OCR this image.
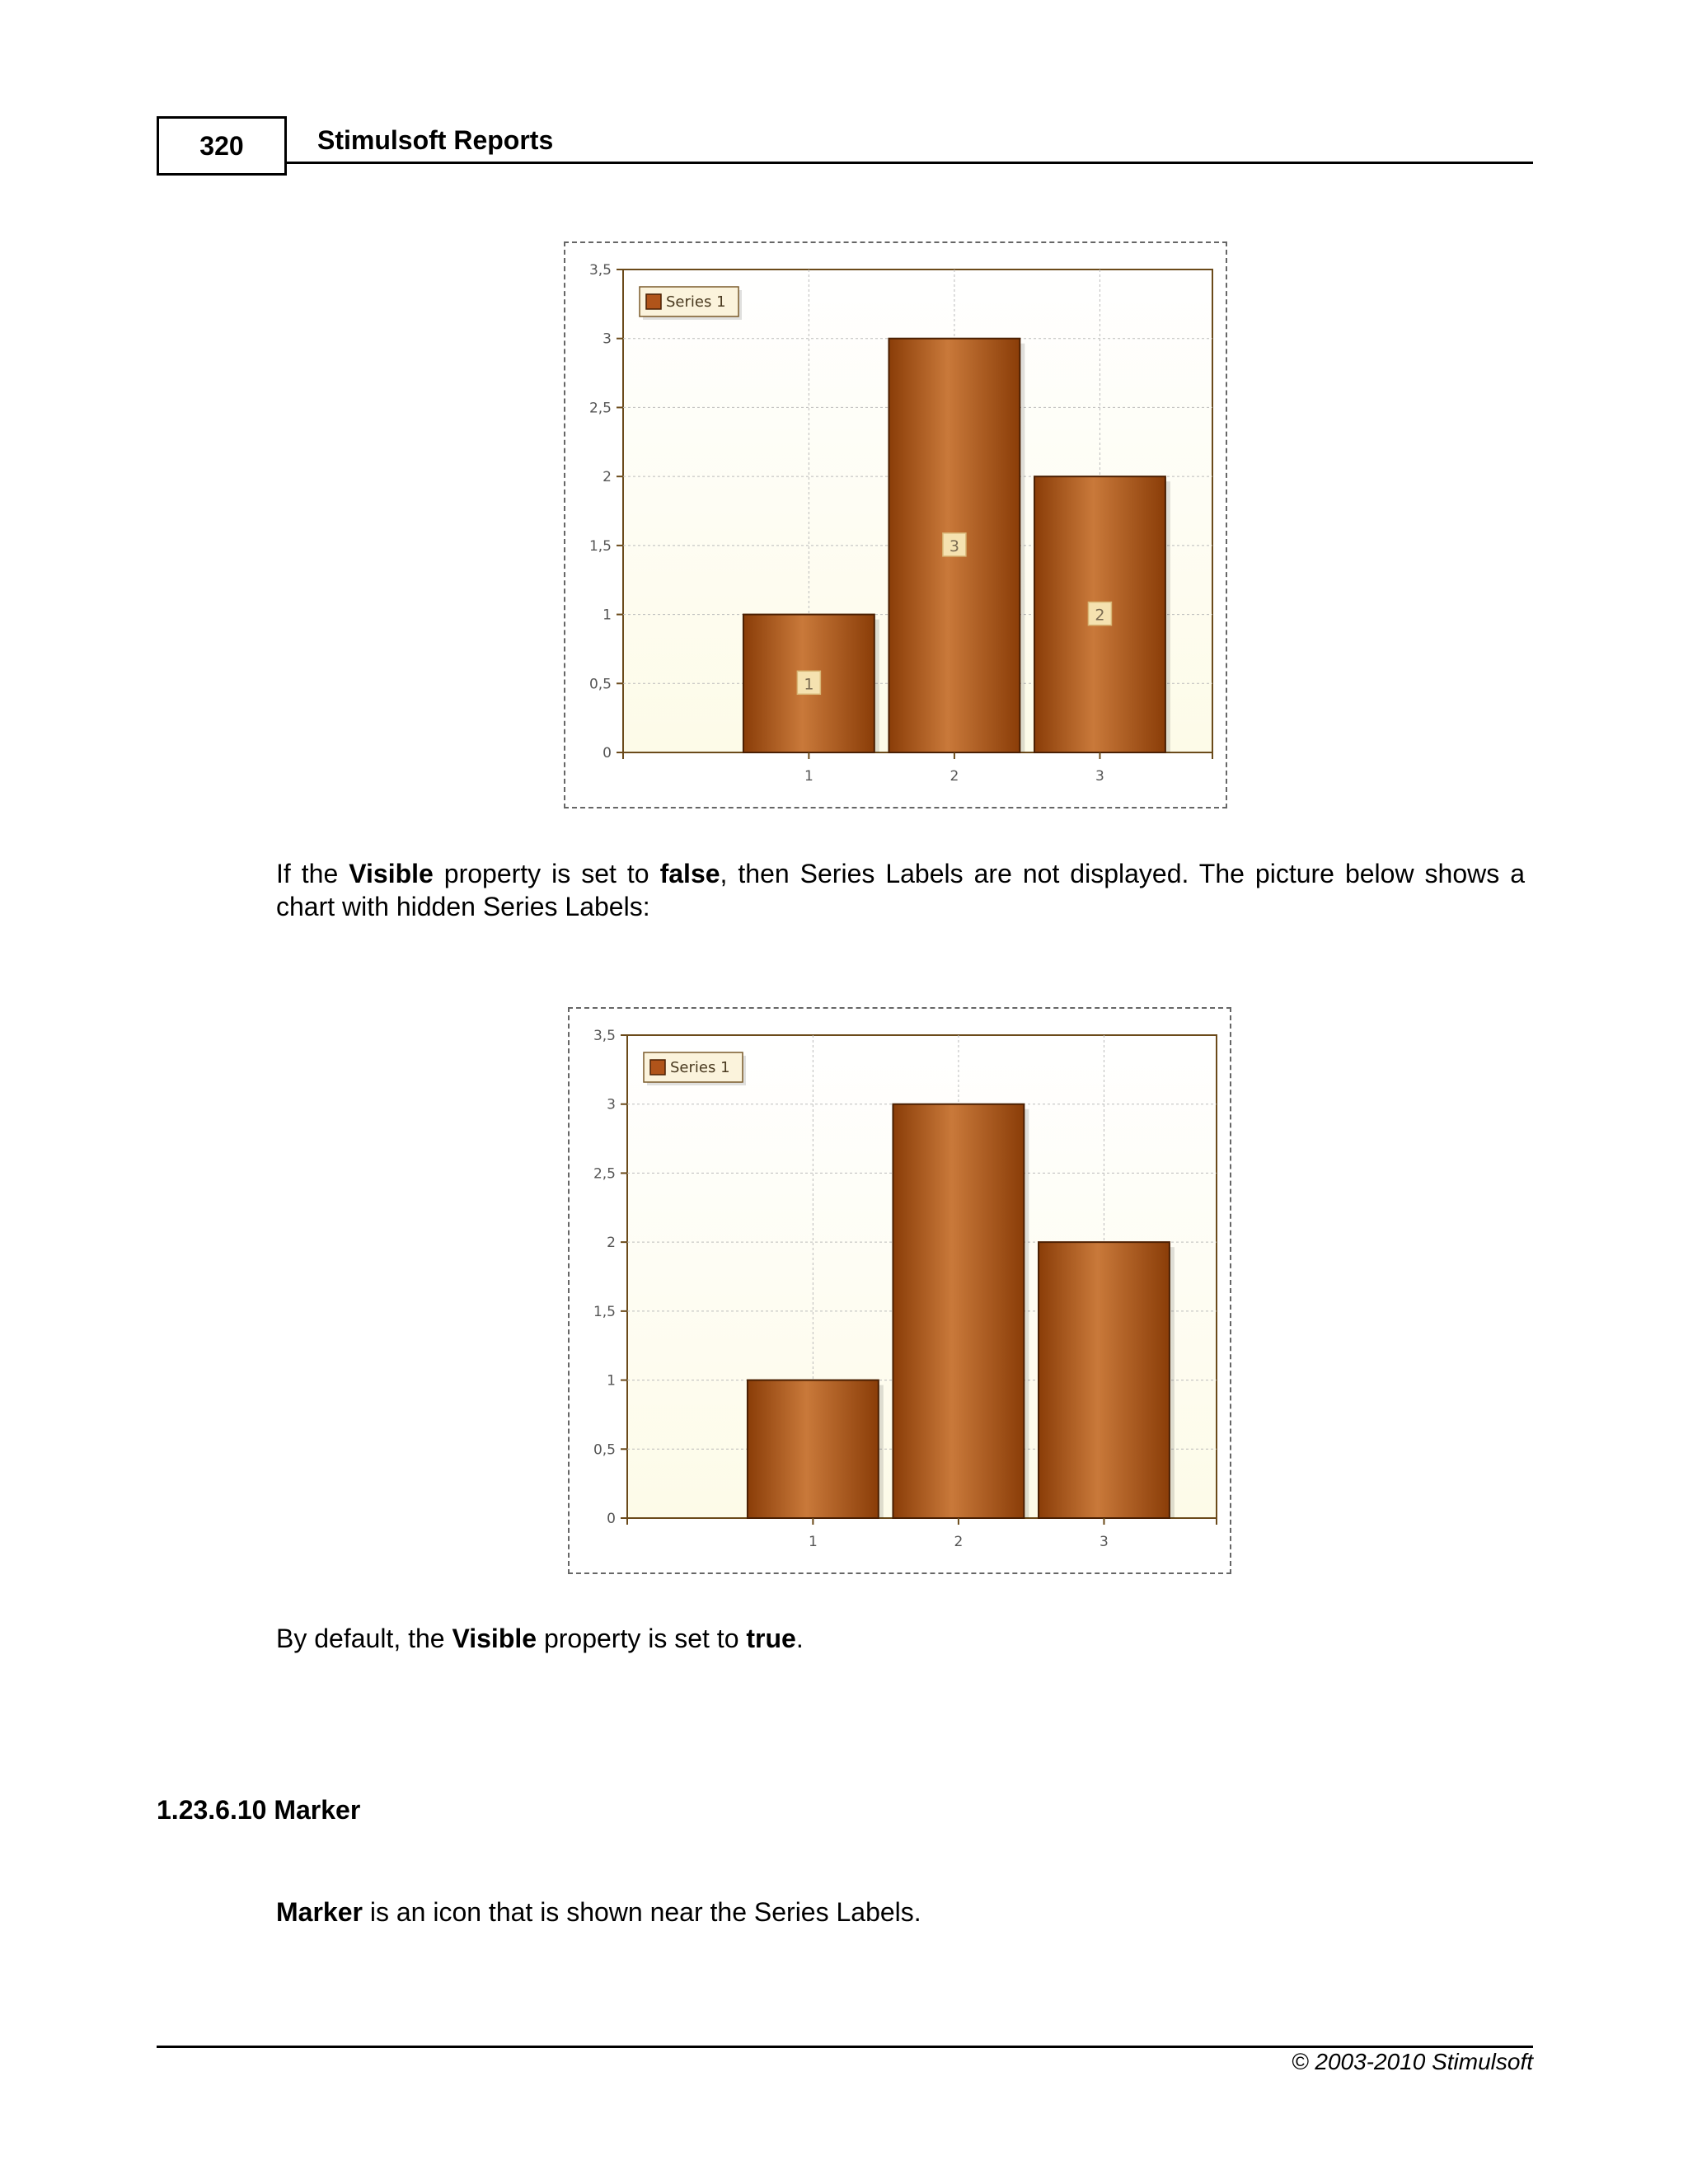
320	Stimulsoft Reports
0
0,5
1
1,5
2
2,5
3
3,5
1
3
2
1	2	3
Series 1

If the Visible property is set to false, then Series Labels are not displayed. The picture below shows a chart with hidden Series Labels:

0
0,5
1
1,5
2
2,5
3
3,5
1	2	3
Series 1

By default, the Visible property is set to true.

1.23.6.10 Marker

Marker is an icon that is shown near the Series Labels.

© 2003-2010 Stimulsoft
